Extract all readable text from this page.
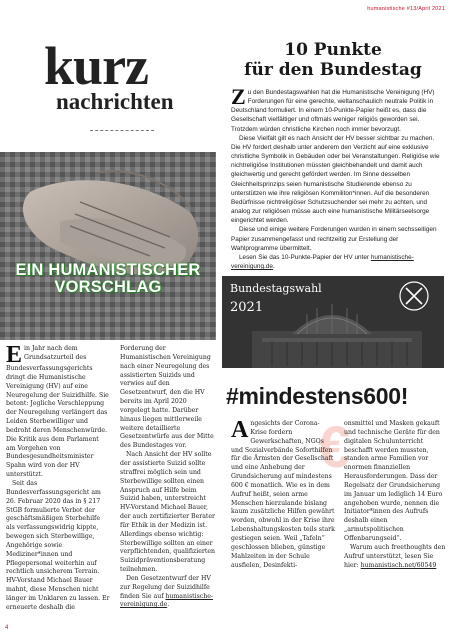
humanistische #13/April 2021
kurz
nachrichten
EIN HUMANISTISCHER VORSCHLAG

Ein Jahr nach dem Grundsatzurteil des Bundesverfassungsgerichts dringt die Humanistische Vereinigung (HV) auf eine Neuregelung der Suizidhilfe. Sie betont: Jegliche Verschleppung der Neuregelung verlängert das Leiden Sterbewilliger und bedroht deren Menschenwürde. Die Kritik aus dem Parlament am Vorgehen von Bundesgesundheitsminister Spahn wird von der HV unterstützt.

Seit das Bundesverfassungsgericht am 26. Februar 2020 das in § 217 StGB formulierte Verbot der geschäftsmäßigen Sterbehilfe als verfassungswidrig kippte, bewegen sich Sterbewillige, Angehörige sowie Mediziner*innen und Pflegepersonal weiterhin auf rechtlich unsicherem Terrain. HV-Vorstand Michael Bauer mahnt, diese Menschen nicht länger im Unklaren zu lassen. Er erneuerte deshalb die

Forderung der Humanistischen Vereinigung nach einer Neuregelung des assistierten Suizids und verwies auf den Gesetzentwurf, den die HV bereits im April 2020 vorgelegt hatte. Darüber hinaus liegen mittlerweile weitere detaillierte Gesetzentwürfe aus der Mitte des Bundestages vor.

Nach Ansicht der HV sollte der assistierte Suizid sollte straffrei möglich sein und Sterbewillige sollten einen Anspruch auf Hilfe beim Suizid haben, unterstreicht HV-Vorstand Michael Bauer, der auch zertifizierter Berater für Ethik in der Medizin ist. Allerdings ebenso wichtig: Sterbewillige sollten an einer verpflichtenden, qualifizierten Suizidpräventionsberatung teilnehmen.

Den Gesetzentwurf der HV zur Regelung der Suizidhilfe finden Sie auf humanistische-vereinigung.de.

10 Punkte
für den Bundestag

Zu den Bundestagswahlen hat die Humanistische Vereinigung (HV) Forderungen für eine gerechte, weltanschaulich neutrale Politik in Deutschland formuliert. In einem 10-Punkte-Papier heißt es, dass die Gesellschaft vielfältiger und oftmals weniger religiös geworden sei. Trotzdem würden christliche Kirchen noch immer bevorzugt.

Diese Vielfalt gilt es nach Ansicht der HV besser sichtbar zu machen. Die HV fordert deshalb unter anderem den Verzicht auf eine exklusive christliche Symbolik in Gebäuden oder bei Veranstaltungen. Religiöse wie nichtreligiöse Institutionen müssten gleichbehandelt und damit auch gleichwertig und gerecht gefördert werden. Im Sinne desselben Gleichheitsprinzips seien humanistische Studierende ebenso zu unterstützen wie ihre religiösen Kommiliton*innen. Auf die besonderen Bedürfnisse nichtreligiöser Schutzsuchender sei mehr zu achten, und analog zur religiösen müsse auch eine humanistische Militärseelsorge eingerichtet werden.

Diese und einige weitere Forderungen wurden in einem sechsseitigen Papier zusammengefasst und rechtzeitig zur Erstellung der Wahlprogramme übermittelt.

Lesen Sie das 10-Punkte-Papier der HV unter humanistische-vereinigung.de.

Bundestagswahl
2021
#mindestens600!
€

Angesichts der Corona-Krise fordern Gewerkschaften, NGOs und Sozialverbände Soforthilfen für die Ärmsten der Gesellschaft und eine Anhebung der Grundsicherung auf mindestens 600 € monatlich. Wie es in dem Aufruf heißt, seien arme Menschen hierzulande bislang kaum zusätzliche Hilfen gewährt worden, obwohl in der Krise ihre Lebenshaltungskosten teils stark gestiegen seien. Weil „Tafeln“ geschlossen blieben, günstige Mahlzeiten in der Schule ausfielen, Desinfekti-

onsmittel und Masken gekauft und technische Geräte für den digitalen Schulunterricht beschafft werden mussten, standen arme Familien vor enormen finanziellen Herausforderungen. Dass der Regelsatz der Grundsicherung im Januar um lediglich 14 Euro angehoben wurde, nennen die Initiator*innen des Aufrufs deshalb einen „armutspolitischen Offenbarungseid“.

Warum auch freethoughts den Aufruf unterstützt, lesen Sie hier: humanistisch.net/60549

4
